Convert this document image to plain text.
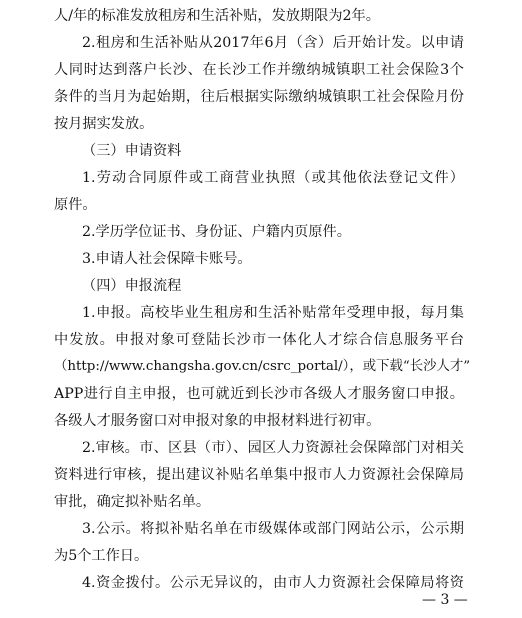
人/年的标准发放租房和生活补贴，发放期限为2年。
2.租房和生活补贴从2017年6月（含）后开始计发。以申请
人同时达到落户长沙、在长沙工作并缴纳城镇职工社会保险3个
条件的当月为起始期，往后根据实际缴纳城镇职工社会保险月份
按月据实发放。
（三）申请资料
1.劳动合同原件或工商营业执照（或其他依法登记文件）
原件。
2.学历学位证书、身份证、户籍内页原件。
3.申请人社会保障卡账号。
（四）申报流程
1.申报。高校毕业生租房和生活补贴常年受理申报，每月集
中发放。申报对象可登陆长沙市一体化人才综合信息服务平台
（http://www.changsha.gov.cn/csrc_portal/），或下载“长沙人才”
APP进行自主申报，也可就近到长沙市各级人才服务窗口申报。
各级人才服务窗口对申报对象的申报材料进行初审。
2.审核。市、区县（市）、园区人力资源社会保障部门对相关
资料进行审核，提出建议补贴名单集中报市人力资源社会保障局
审批，确定拟补贴名单。
3.公示。将拟补贴名单在市级媒体或部门网站公示，公示期
为5个工作日。
4.资金拨付。公示无异议的，由市人力资源社会保障局将资
— 3 —
